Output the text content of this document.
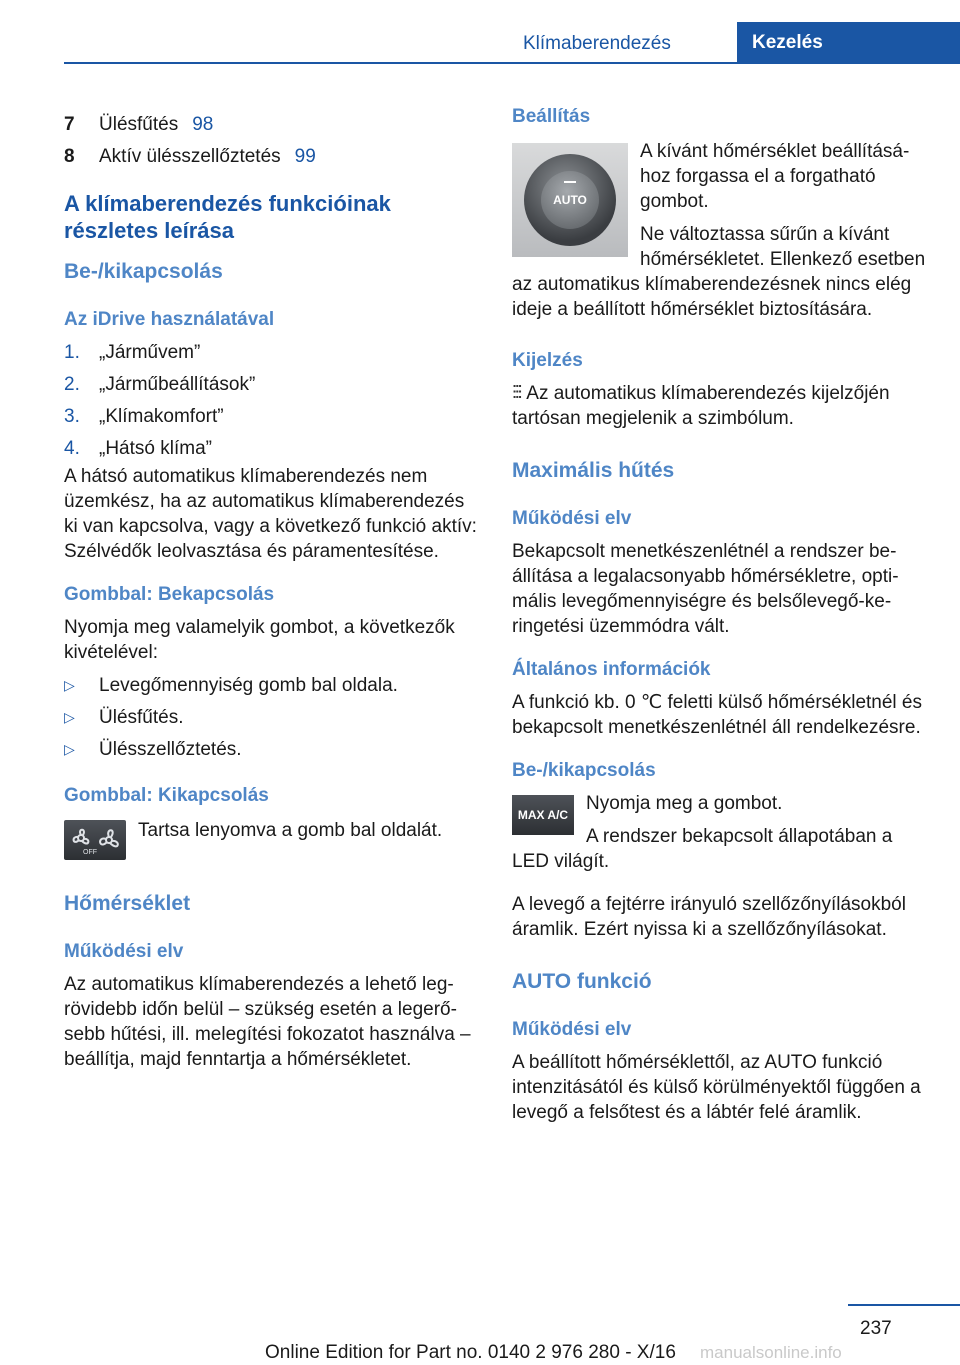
Klímaberendezés	Kezelés
7	Ülésfűtés 98
8	Aktív ülésszellőztetés 99
A klímaberendezés funkcióinak részletes leírása
Be-/kikapcsolás
Az iDrive használatával
1.	„Járművem”
2.	„Járműbeállítások”
3.	„Klímakomfort”
4.	„Hátsó klíma”

A hátsó automatikus klímaberendezés nem üzemkész, ha az automatikus klímaberendezés ki van kapcsolva, vagy a következő funkció aktív: Szélvédők leolvasztása és páramentesítése.

Gombbal: Bekapcsolás

Nyomja meg valamelyik gombot, a következők kivételével:

▷	Levegőmennyiség gomb bal oldala.
▷	Ülésfűtés.
▷	Ülésszellőztetés.
Gombbal: Kikapcsolás
OFF

Tartsa lenyomva a gomb bal oldalát.

Hőmérséklet
Működési elv

Az automatikus klímaberendezés a lehető legrövidebb időn belül – szükség esetén a legerősebb hűtési, ill. melegítési fokozatot használva – beállítja, majd fenntartja a hőmérsékletet.

Beállítás
AUTO

A kívánt hőmérséklet beállításához forgassa el a forgatható gombot.

Ne változtassa sűrűn a kívánt hőmérsékletet. Ellenkező esetben az automatikus klímaberendezésnek nincs elég ideje a beállított hőmérséklet biztosítására.

Kijelzés

⫶⫶⫶ Az automatikus klímaberendezés kijelzőjén tartósan megjelenik a szimbólum.

Maximális hűtés
Működési elv

Bekapcsolt menetkészenlétnél a rendszer beállítása a legalacsonyabb hőmérsékletre, optimális levegőmennyiségre és belsőlevegő-keringetési üzemmódra vált.

Általános információk

A funkció kb. 0 ℃ feletti külső hőmérsékletnél és bekapcsolt menetkészenlétnél áll rendelkezésre.

Be-/kikapcsolás
MAX A/C

Nyomja meg a gombot.

A rendszer bekapcsolt állapotában a LED világít.

A levegő a fejtérre irányuló szellőzőnyílásokból áramlik. Ezért nyissa ki a szellőzőnyílásokat.

AUTO funkció
Működési elv

A beállított hőmérséklettől, az AUTO funkció intenzitásától és külső körülményektől függően a levegő a felsőtest és a lábtér felé áramlik.

237
Online Edition for Part no. 0140 2 976 280 - X/16 manualsonline.info
